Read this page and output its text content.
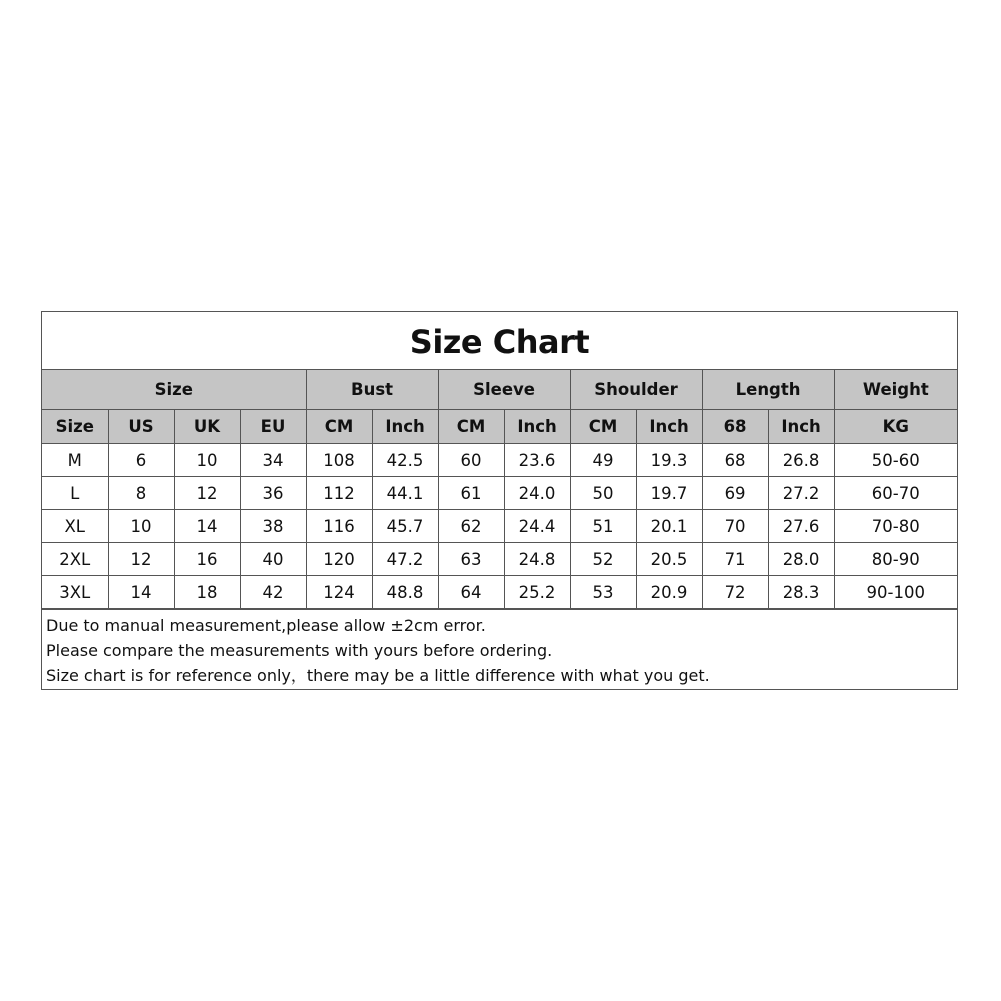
Size Chart
Size				Bust		Sleeve		Shoulder		Length		Weight
Size	US	UK	EU	CM	Inch	CM	Inch	CM	Inch	68	Inch	KG
M	6	10	34	108	42.5	60	23.6	49	19.3	68	26.8	50-60
L	8	12	36	112	44.1	61	24.0	50	19.7	69	27.2	60-70
XL	10	14	38	116	45.7	62	24.4	51	20.1	70	27.6	70-80
2XL	12	16	40	120	47.2	63	24.8	52	20.5	71	28.0	80-90
3XL	14	18	42	124	48.8	64	25.2	53	20.9	72	28.3	90-100
Due to manual measurement,please allow ±2cm error.
Please compare the measurements with yours before ordering.
Size chart is for reference only，there may be a little difference with what you get.
